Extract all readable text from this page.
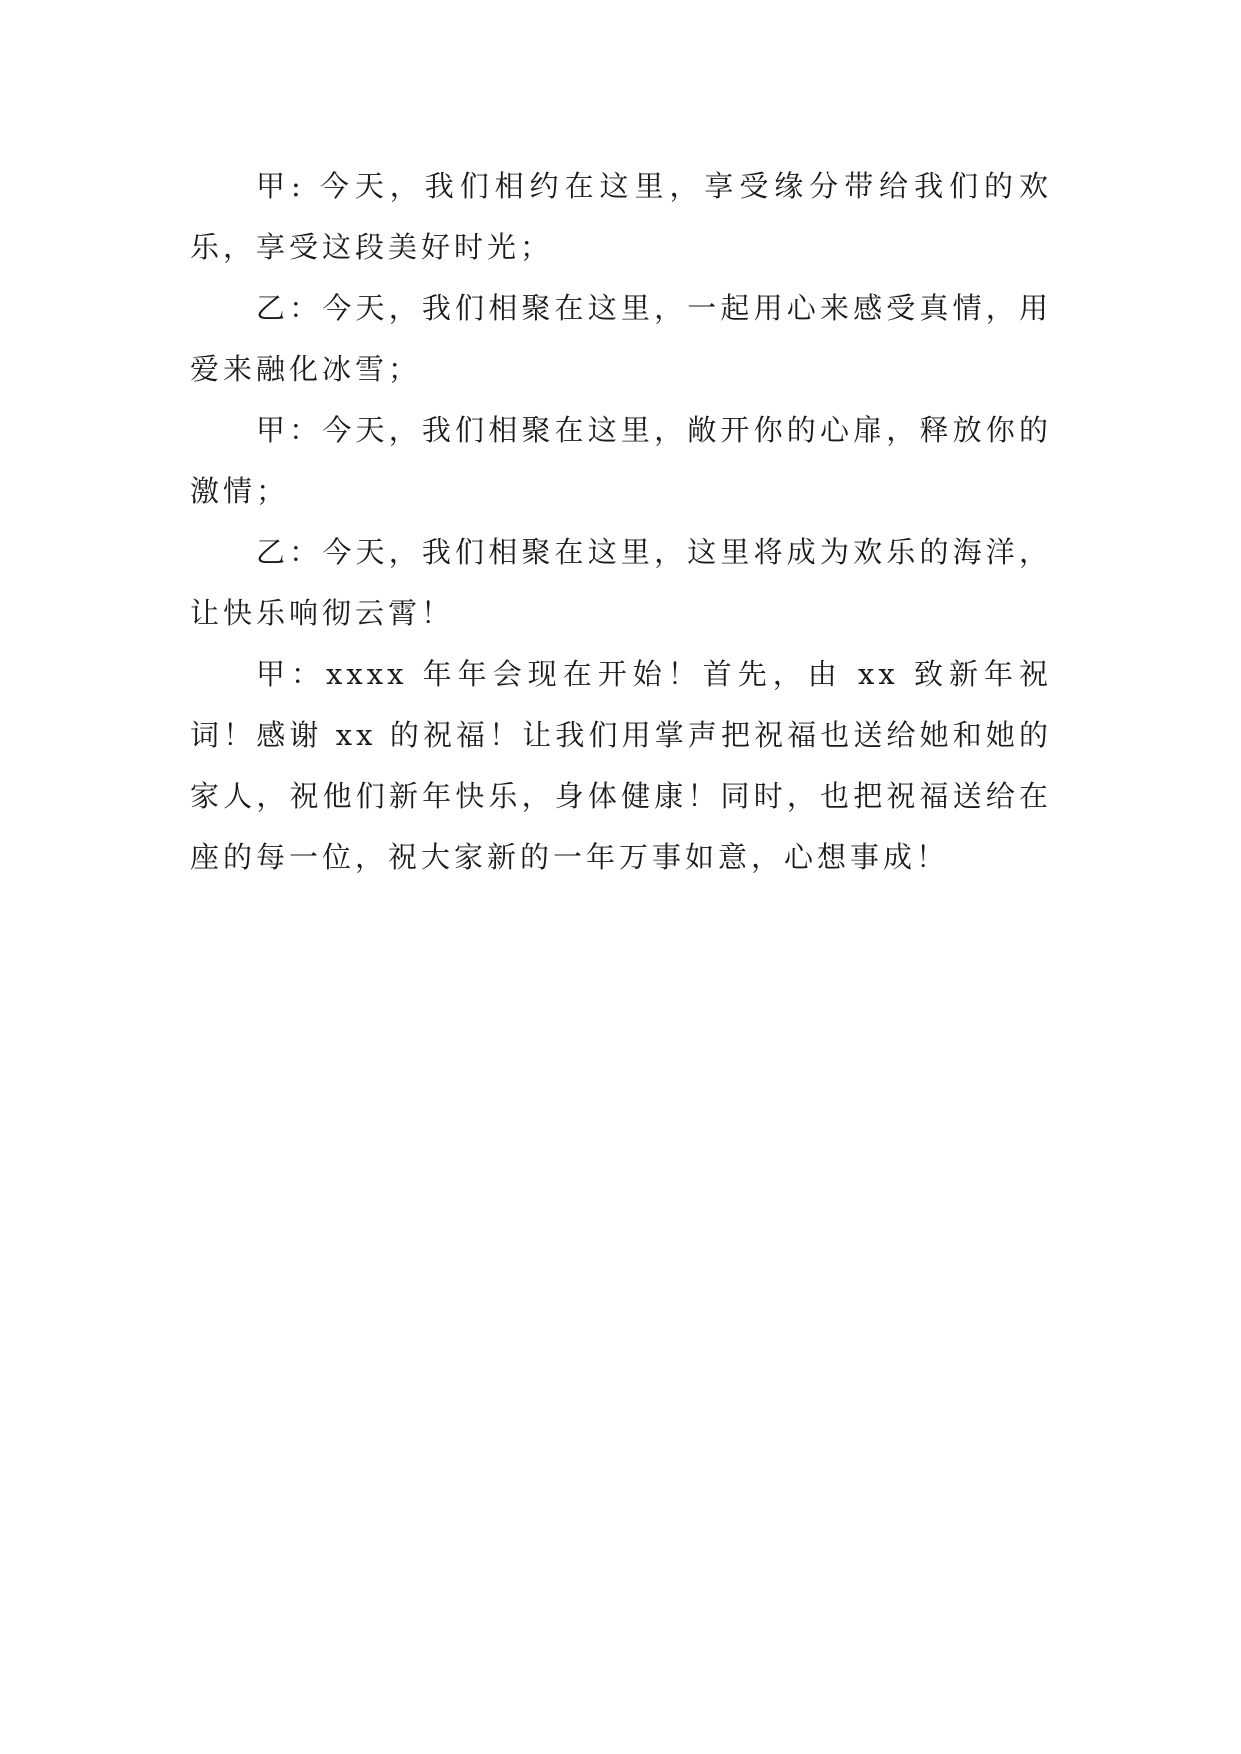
甲: 今天，我们相约在这里，享受缘分带给我们的欢乐，享受这段美好时光；

乙：今天，我们相聚在这里，一起用心来感受真情，用爱来融化冰雪；

甲：今天，我们相聚在这里，敞开你的心扉，释放你的激情；

乙：今天，我们相聚在这里，这里将成为欢乐的海洋，让快乐响彻云霄！

甲：xxxx 年年会现在开始！首先，由 xx 致新年祝词！感谢 xx 的祝福！让我们用掌声把祝福也送给她和她的家人，祝他们新年快乐，身体健康！同时，也把祝福送给在座的每一位，祝大家新的一年万事如意，心想事成！
